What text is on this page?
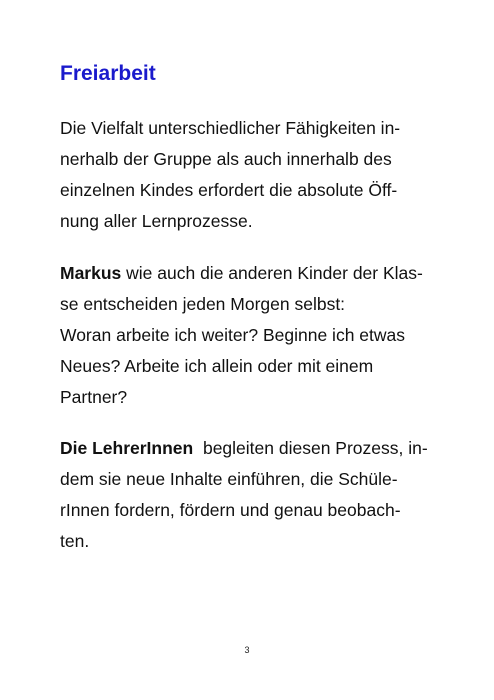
Freiarbeit

Die Vielfalt unterschiedlicher Fähigkeiten in-
nerhalb der Gruppe als auch innerhalb des
einzelnen Kindes erfordert die absolute Öff-
nung aller Lernprozesse.

Markus wie auch die anderen Kinder der Klas-
se entscheiden jeden Morgen selbst:
Woran arbeite ich weiter? Beginne ich etwas
Neues? Arbeite ich allein oder mit einem
Partner?

Die LehrerInnen  begleiten diesen Prozess, in-
dem sie neue Inhalte einführen, die Schüle-
rInnen fordern, fördern und genau beobach-
ten.

3
